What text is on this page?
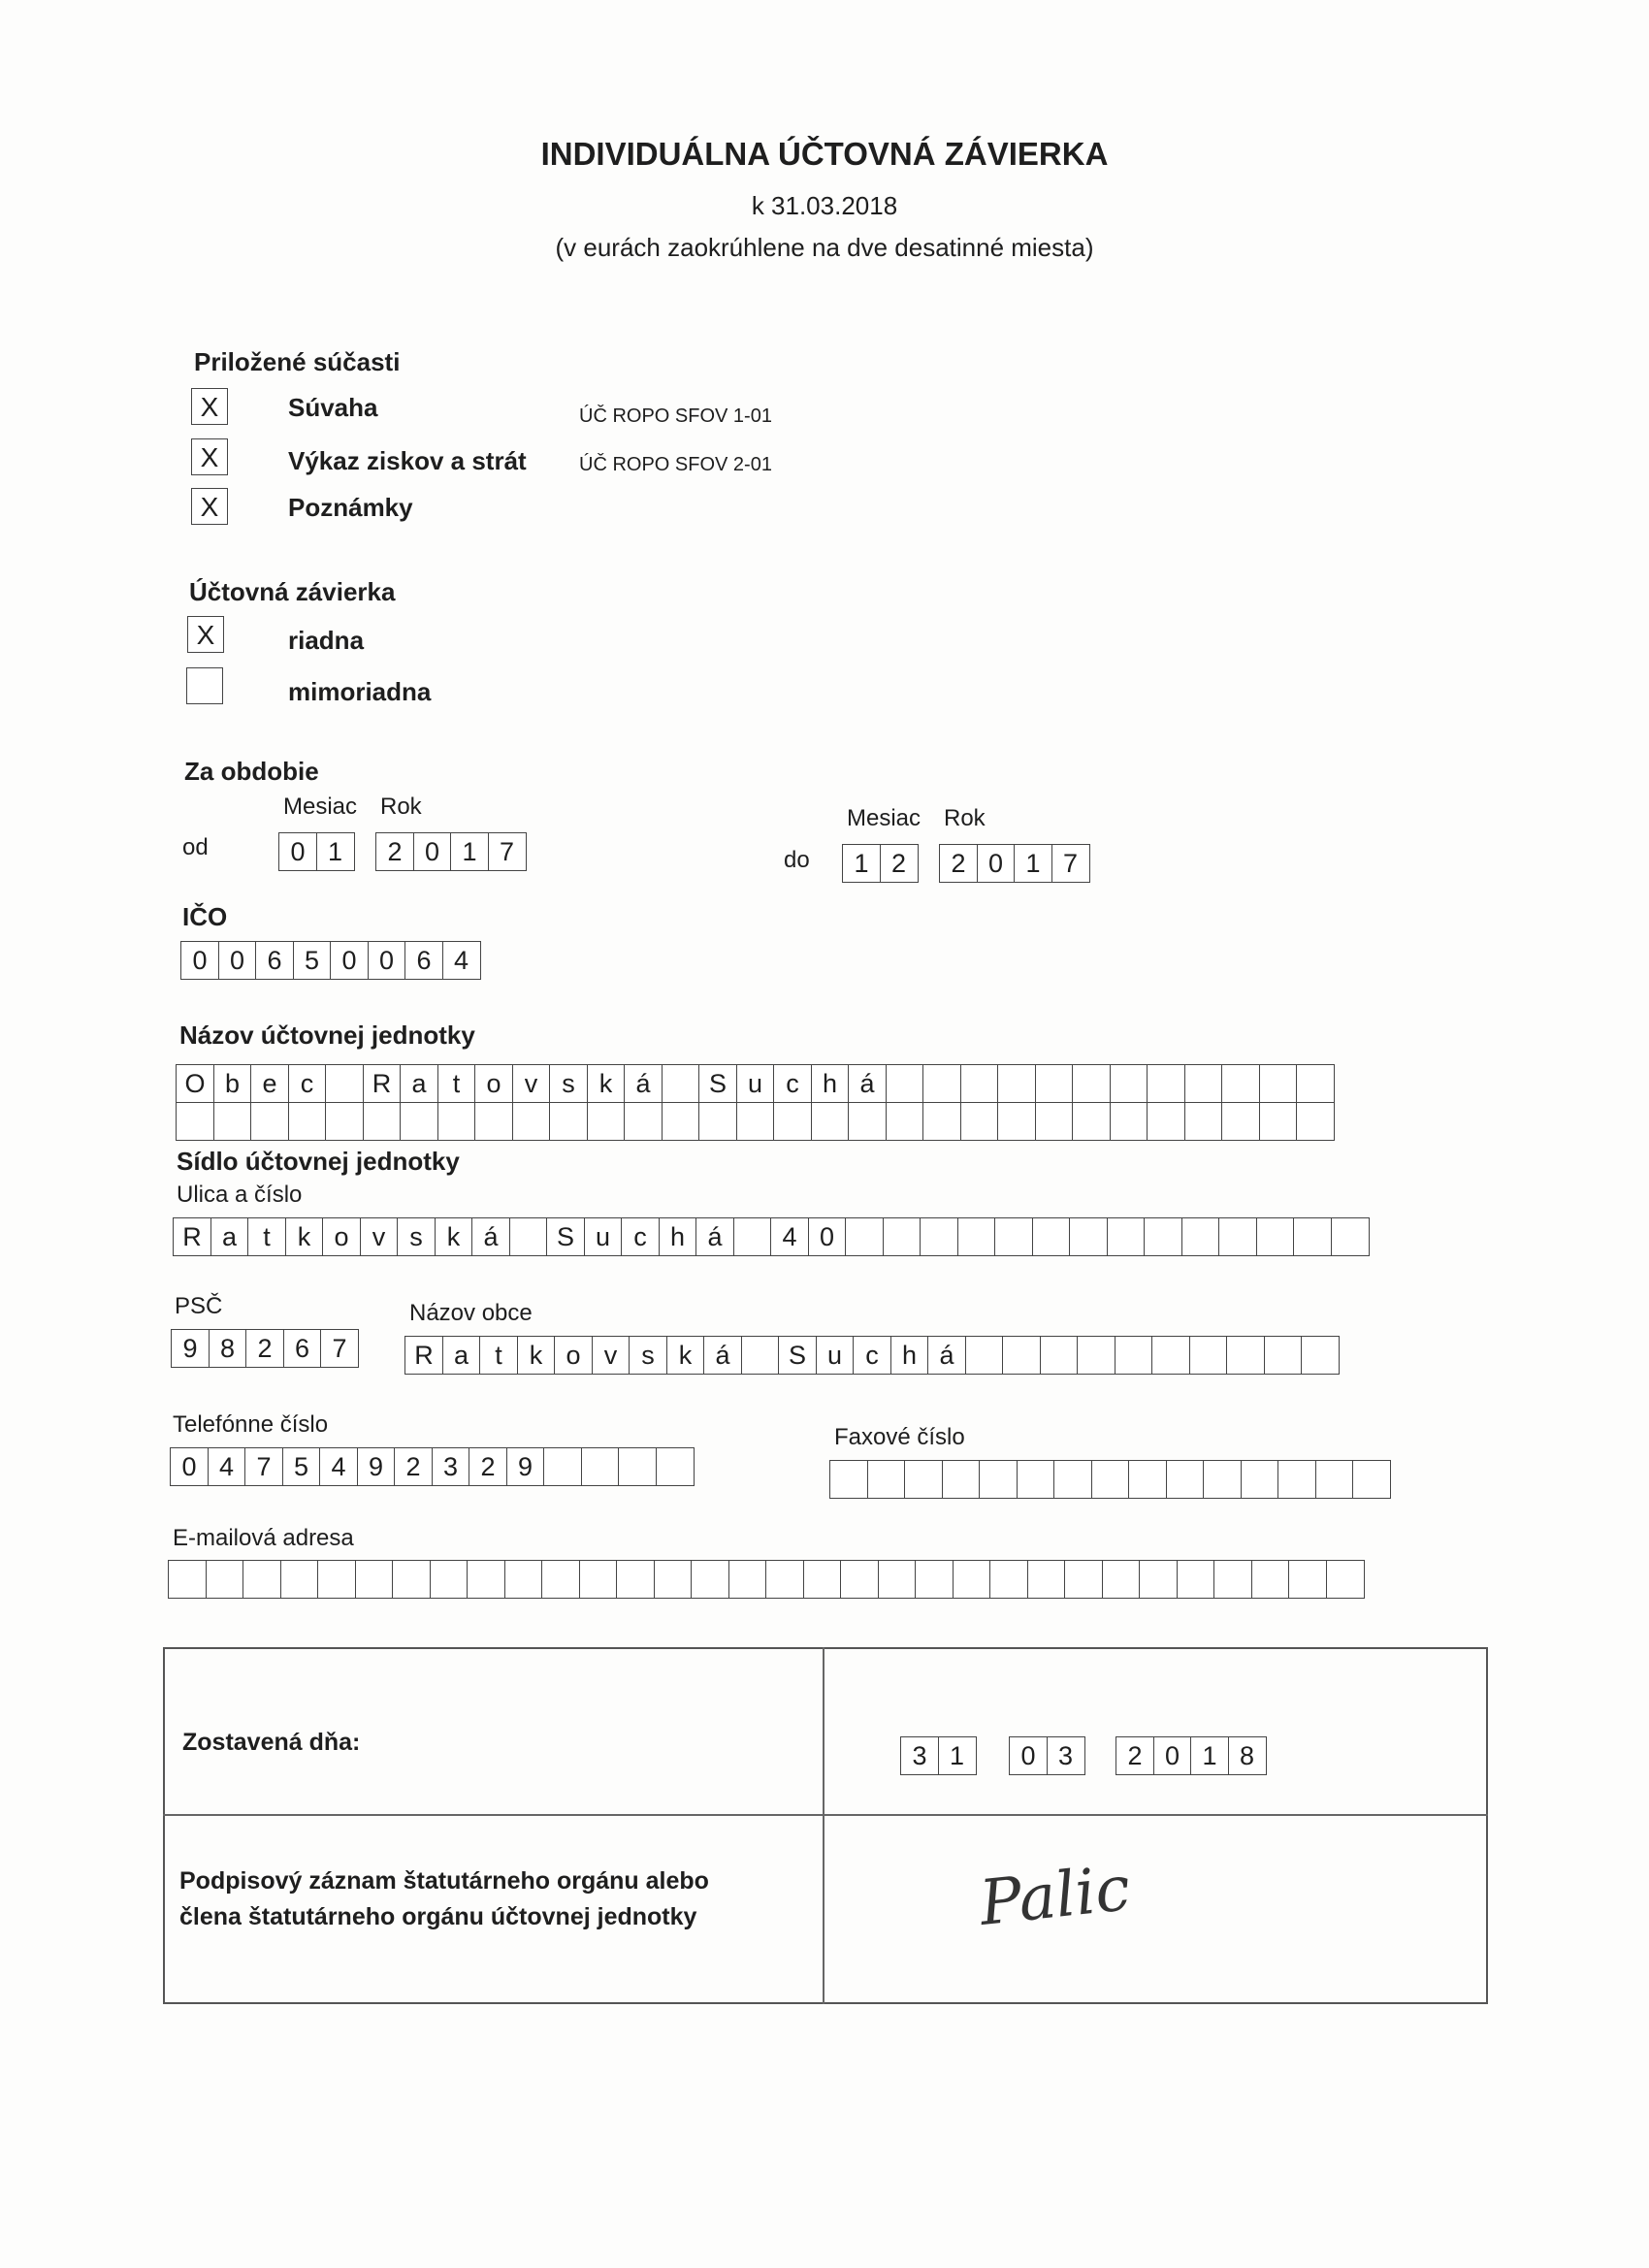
INDIVIDUÁLNA ÚČTOVNÁ ZÁVIERKA
k 31.03.2018
(v eurách zaokrúhlene na dve desatinné miesta)
Priložené súčasti
X	Súvaha	ÚČ ROPO SFOV 1-01
X	Výkaz ziskov a strát	ÚČ ROPO SFOV 2-01
X	Poznámky
Účtovná závierka
X	riadna
mimoriadna
Za obdobie
Mesiac Rok
od	0 1	2 0 1 7
Mesiac Rok
do	1 2	2 0 1 7
IČO
0 0 6 5 0 0 6 4
Názov účtovnej jednotky
O b e c	R a	t	o v s k á	S u c h á
Sídlo účtovnej jednotky
Ulica a číslo
R a	t	k o v s k á	S u c h á	4 0
PSČ
9 8 2 6 7
Názov obce
R a	t	k o v s k á	S u c h á
Telefónne číslo
0 4 7 5 4 9 2 3 2 9
Faxové číslo
E-mailová adresa
Zostavená dňa:	3 1	0 3	2 0 1 8
Podpisový záznam štatutárneho orgánu alebo
člena štatutárneho orgánu účtovnej jednotky	Palic
